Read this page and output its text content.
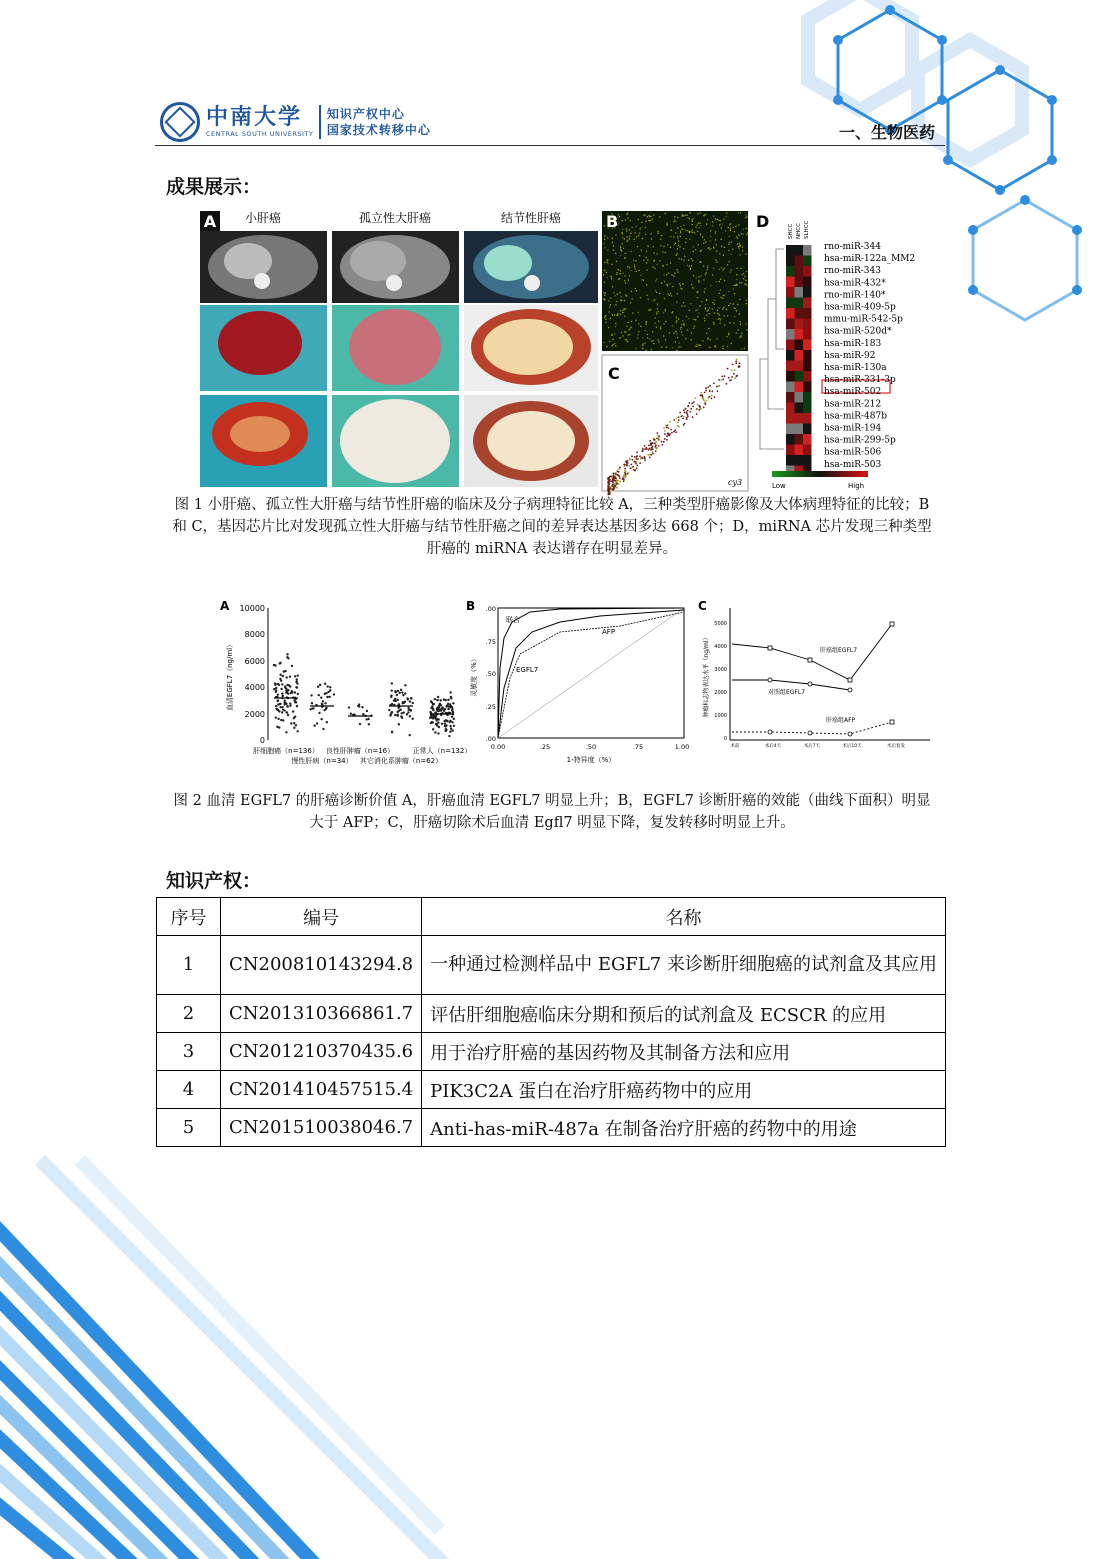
中南大学
CENTRAL SOUTH UNIVERSITY
知识产权中心
国家技术转移中心	一、生物医药
成果展示：
A 小肝癌	孤立性大肝癌	结节性肝癌	B
C
cy3
D
SHCC NHCC SLHCC
rno-miR-344
hsa-miR-122a_MM2
rno-miR-343
hsa-miR-432*
rno-miR-140*
hsa-miR-409-5p
mmu-miR-542-5p
hsa-miR-520d*
hsa-miR-183
hsa-miR-92
hsa-miR-130a
hsa-miR-331-3p
hsa-miR-502
hsa-miR-212
hsa-miR-487b
hsa-miR-194
hsa-miR-299-5p
hsa-miR-506
hsa-miR-503
Low	High
图 1 小肝癌、孤立性大肝癌与结节性肝癌的临床及分子病理特征比较 A，三种类型肝癌影像及大体病理特征的比较；B 和 C，基因芯片比对发现孤立性大肝癌与结节性肝癌之间的差异表达基因多达 668 个；D，miRNA 芯片发现三种类型肝癌的 miRNA 表达谱存在明显差异。
A 10000
8000
6000
4000
2000
0
血清EGFL7（ng/ml）
肝细胞癌（n=136）
慢性肝病（n=34）
良性肝肿瘤（n=16）
其它消化系肿瘤（n=62）
正常人（n=132）
B .00
.75
.50
.25
.00
0.00	.25	.50	.75	1.00
灵敏度（%）
1-特异度（%）
联合
AFP
EGFL7
C
5000
4000
3000
2000
1000
0
肿瘤标志物表达水平（ng/ml）	肝癌组EGFL7
对照组EGFL7
肝癌组AFP
术前	术后4天	术后7天	术后10天	术后复发
图 2 血清 EGFL7 的肝癌诊断价值 A，肝癌血清 EGFL7 明显上升；B，EGFL7 诊断肝癌的效能（曲线下面积）明显大于 AFP；C，肝癌切除术后血清 Egfl7 明显下降，复发转移时明显上升。
知识产权：
序号	编号	名称
1	CN200810143294.8	一种通过检测样品中 EGFL7 来诊断肝细胞癌的试剂盒及其应用
2	CN201310366861.7	评估肝细胞癌临床分期和预后的试剂盒及 ECSCR 的应用
3	CN201210370435.6	用于治疗肝癌的基因药物及其制备方法和应用
4	CN201410457515.4	PIK3C2A 蛋白在治疗肝癌药物中的应用
5	CN201510038046.7	Anti-has-miR-487a 在制备治疗肝癌的药物中的用途
